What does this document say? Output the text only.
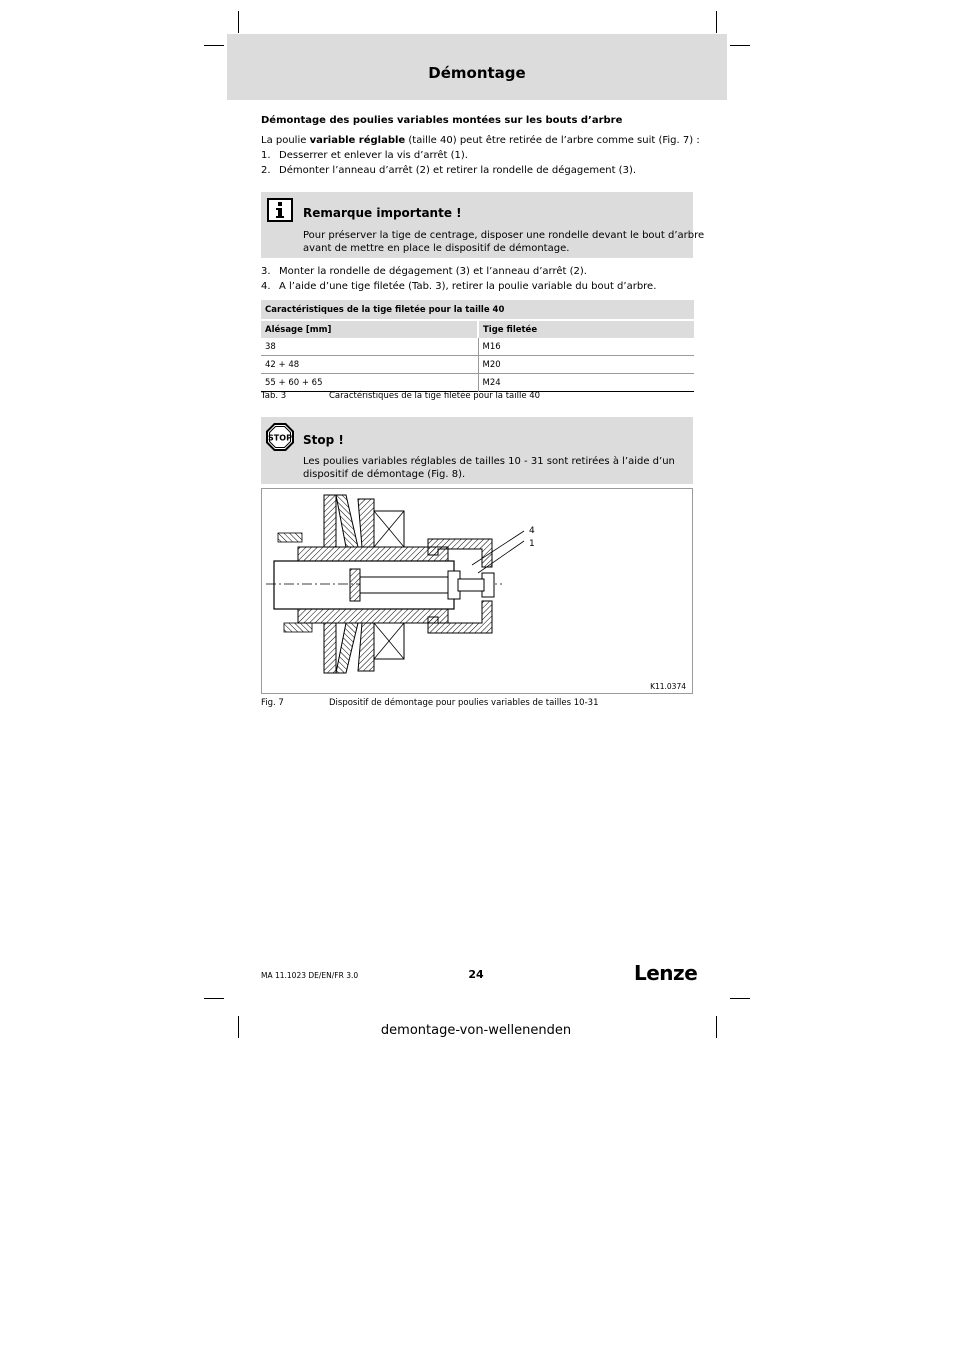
Démontage
Démontage des poulies variables montées sur les bouts d’arbre
La poulie variable réglable (taille 40) peut être retirée de l’arbre comme suit (Fig. 7) :
1. Desserrer et enlever la vis d’arrêt (1).
2. Démonter l’anneau d’arrêt (2) et retirer la rondelle de dégagement (3).
Remarque importante !
Pour préserver la tige de centrage, disposer une rondelle devant le bout d’arbre
avant de mettre en place le dispositif de démontage.
3. Monter la rondelle de dégagement (3) et l’anneau d’arrêt (2).
4. A l’aide d’une tige filetée (Tab. 3), retirer la poulie variable du bout d’arbre.
Caractéristiques de la tige filetée pour la taille 40	
Alésage [mm]	Tige filetée
38	M16
42 + 48	M20
55 + 60 + 65	M24
Tab. 3	Caractéristiques de la tige filetée pour la taille 40
STOP Stop !
Les poulies variables réglables de tailles 10 - 31 sont retirées à l’aide d’un
dispositif de démontage (Fig. 8).
4
1
K11.0374
Fig. 7	Dispositif de démontage pour poulies variables de tailles 10-31
MA 11.1023 DE/EN/FR 3.0	24	Lenze
demontage-von-wellenenden
